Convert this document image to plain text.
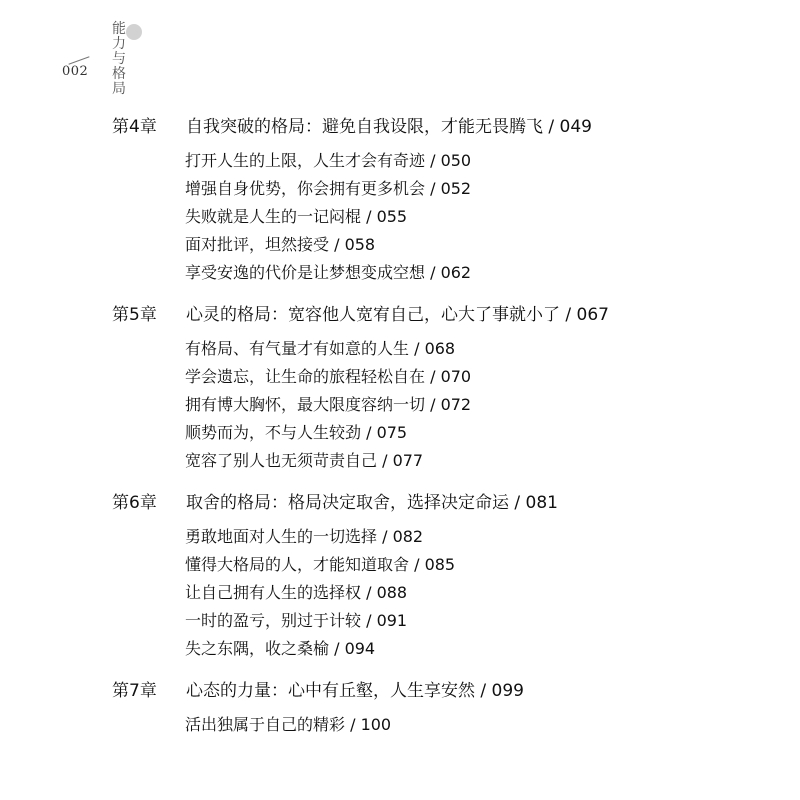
能力与格局
002
第4章 自我突破的格局：避免自我设限，才能无畏腾飞 / 049
打开人生的上限，人生才会有奇迹 / 050
增强自身优势，你会拥有更多机会 / 052
失败就是人生的一记闷棍 / 055
面对批评，坦然接受 / 058
享受安逸的代价是让梦想变成空想 / 062
第5章 心灵的格局：宽容他人宽宥自己，心大了事就小了 / 067
有格局、有气量才有如意的人生 / 068
学会遗忘，让生命的旅程轻松自在 / 070
拥有博大胸怀，最大限度容纳一切 / 072
顺势而为，不与人生较劲 / 075
宽容了别人也无须苛责自己 / 077
第6章 取舍的格局：格局决定取舍，选择决定命运 / 081
勇敢地面对人生的一切选择 / 082
懂得大格局的人，才能知道取舍 / 085
让自己拥有人生的选择权 / 088
一时的盈亏，别过于计较 / 091
失之东隅，收之桑榆 / 094
第7章 心态的力量：心中有丘壑，人生享安然 / 099
活出独属于自己的精彩 / 100
